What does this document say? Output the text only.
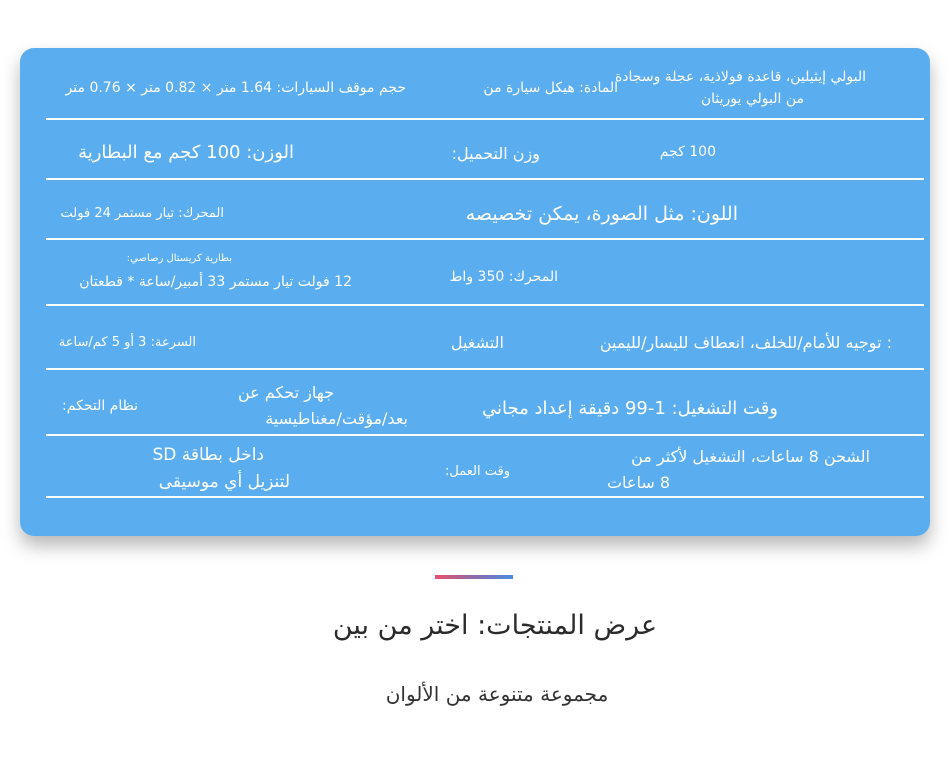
البولي إيثيلين، قاعدة فولاذية، عجلة وسجادة
من البولي يوريثان
المادة: هيكل سيارة من
حجم موقف السيارات: 1.64 متر × 0.82 متر × 0.76 متر
100 كجم
وزن التحميل:
الوزن: 100 كجم مع البطارية
اللون: مثل الصورة، يمكن تخصيصه
المحرك: تيار مستمر 24 فولت
المحرك: 350 واط
بطارية كريستال رصاصي:
12 فولت تيار مستمر 33 أمبير/ساعة * قطعتان
: توجيه للأمام/للخلف، انعطاف لليسار/لليمين
التشغيل
السرعة: 3 أو 5 كم/ساعة
وقت التشغيل: 1-99 دقيقة إعداد مجاني
جهاز تحكم عن
بعد/مؤقت/مغناطيسية
نظام التحكم:
الشحن 8 ساعات، التشغيل لأكثر من
8 ساعات
وقت العمل:
داخل بطاقة SD
لتنزيل أي موسيقى
عرض المنتجات: اختر من بين
مجموعة متنوعة من الألوان
